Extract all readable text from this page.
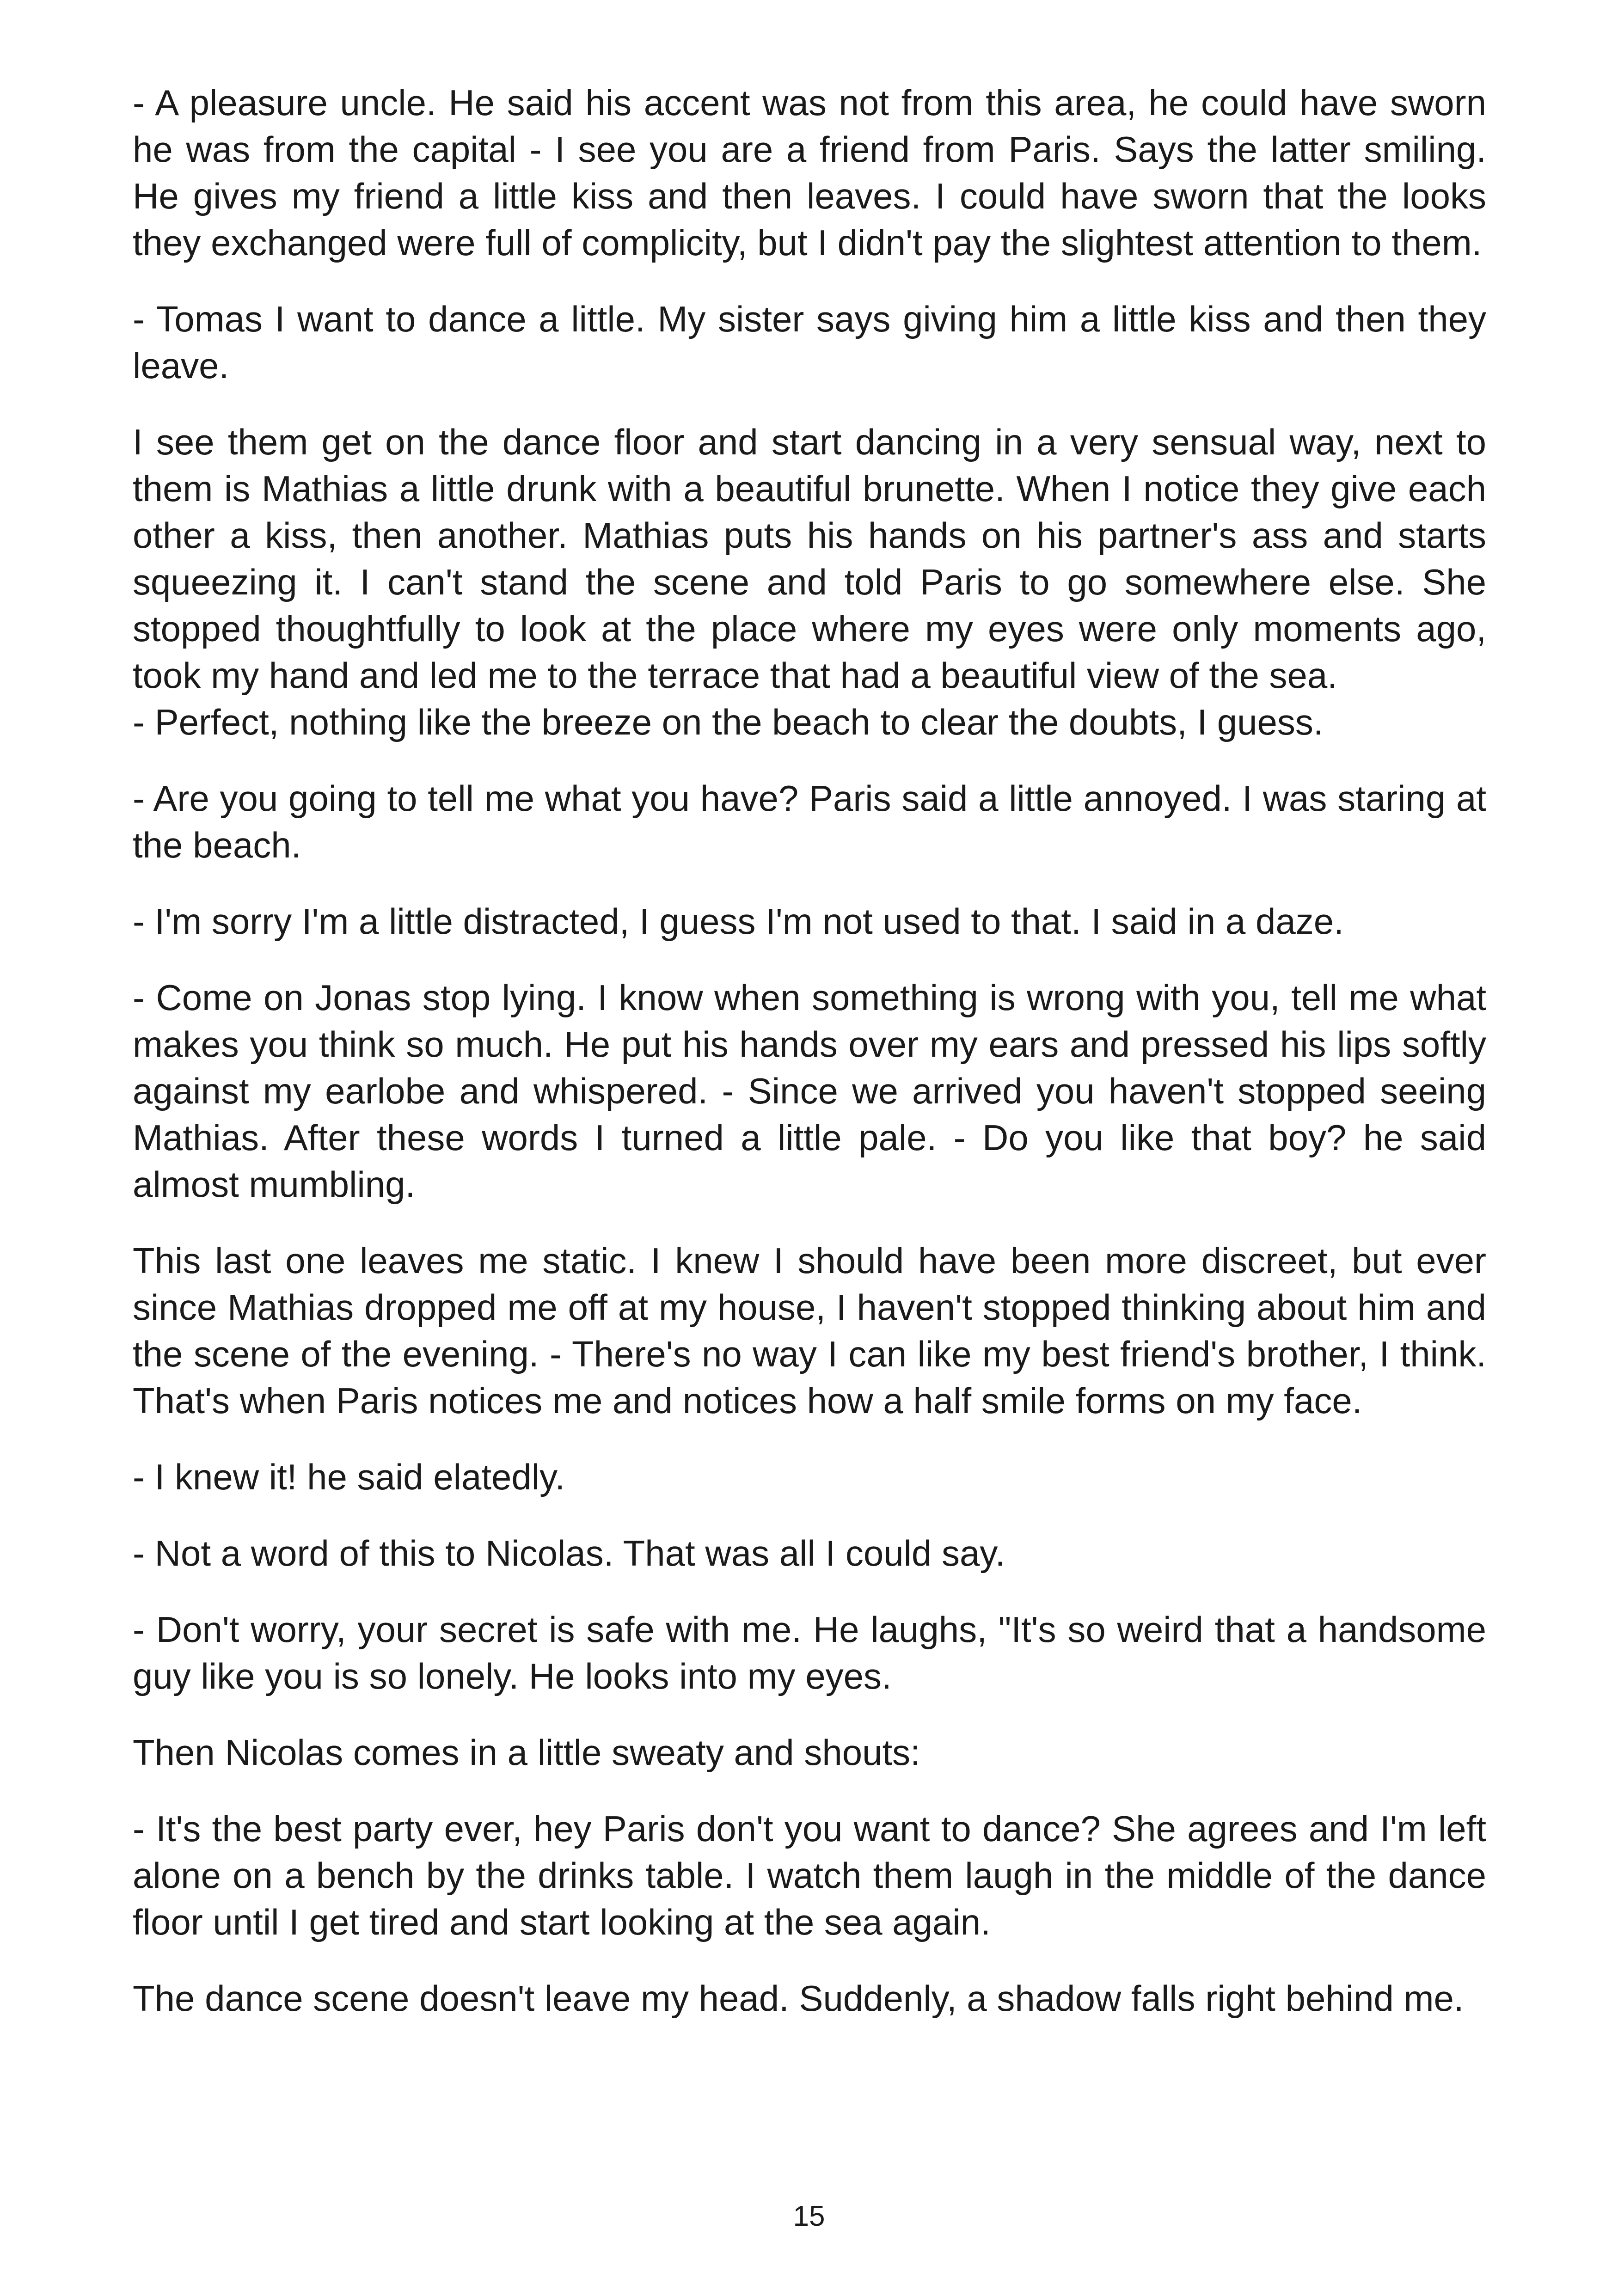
- A pleasure uncle. He said his accent was not from this area, he could have sworn he was from the capital - I see you are a friend from Paris. Says the latter smiling. He gives my friend a little kiss and then leaves. I could have sworn that the looks they exchanged were full of complicity, but I didn't pay the slightest attention to them.

- Tomas I want to dance a little. My sister says giving him a little kiss and then they leave.

I see them get on the dance floor and start dancing in a very sensual way, next to them is Mathias a little drunk with a beautiful brunette. When I notice they give each other a kiss, then another. Mathias puts his hands on his partner's ass and starts squeezing it. I can't stand the scene and told Paris to go somewhere else. She stopped thoughtfully to look at the place where my eyes were only moments ago, took my hand and led me to the terrace that had a beautiful view of the sea.

- Perfect, nothing like the breeze on the beach to clear the doubts, I guess.

- Are you going to tell me what you have? Paris said a little annoyed. I was staring at the beach.

- I'm sorry I'm a little distracted, I guess I'm not used to that. I said in a daze.

- Come on Jonas stop lying. I know when something is wrong with you, tell me what makes you think so much. He put his hands over my ears and pressed his lips softly against my earlobe and whispered. - Since we arrived you haven't stopped seeing Mathias. After these words I turned a little pale. - Do you like that boy? he said almost mumbling.

This last one leaves me static. I knew I should have been more discreet, but ever since Mathias dropped me off at my house, I haven't stopped thinking about him and the scene of the evening. - There's no way I can like my best friend's brother, I think. That's when Paris notices me and notices how a half smile forms on my face.

- I knew it! he said elatedly.

- Not a word of this to Nicolas. That was all I could say.

- Don't worry, your secret is safe with me. He laughs, "It's so weird that a handsome guy like you is so lonely. He looks into my eyes.

Then Nicolas comes in a little sweaty and shouts:

- It's the best party ever, hey Paris don't you want to dance? She agrees and I'm left alone on a bench by the drinks table. I watch them laugh in the middle of the dance floor until I get tired and start looking at the sea again.

The dance scene doesn't leave my head. Suddenly, a shadow falls right behind me.

15
